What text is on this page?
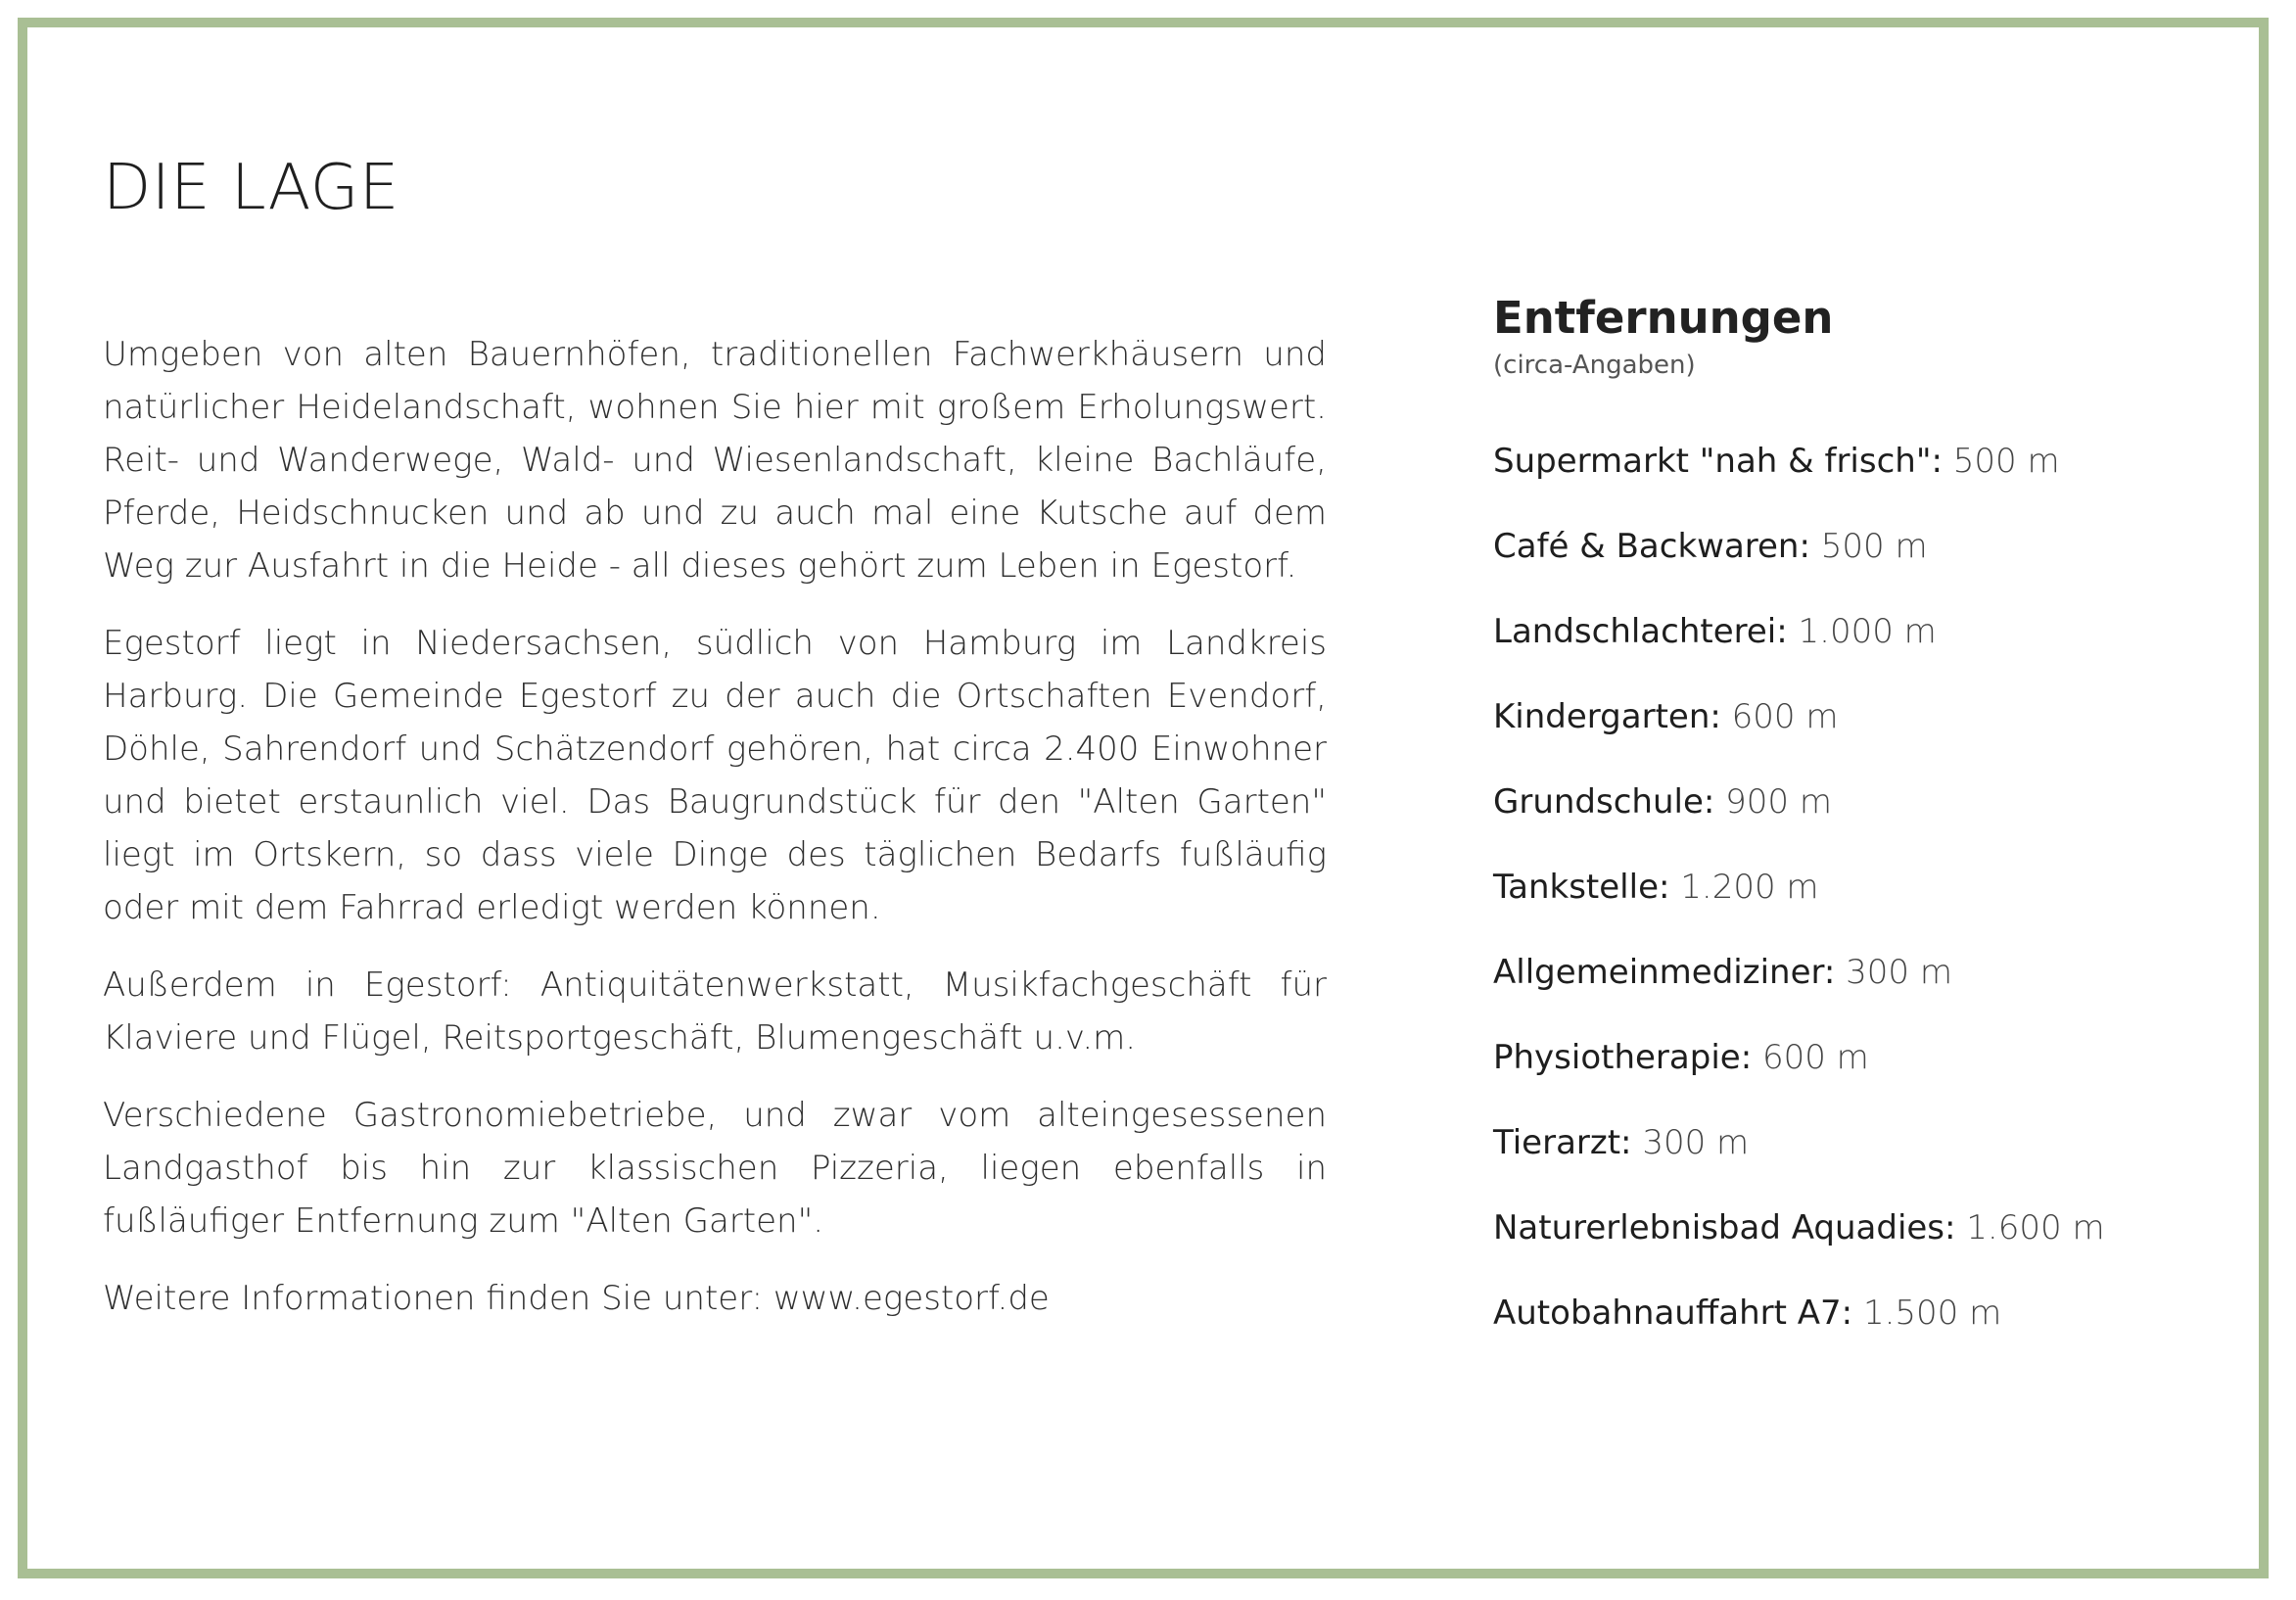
DIE LAGE

Umgeben von alten Bauernhöfen, traditionellen Fachwerkhäusern und natürlicher Heidelandschaft, wohnen Sie hier mit großem Erholungswert. Reit- und Wanderwege, Wald- und Wiesenlandschaft, kleine Bachläufe, Pferde, Heidschnucken und ab und zu auch mal eine Kutsche auf dem Weg zur Ausfahrt in die Heide - all dieses gehört zum Leben in Egestorf.

Egestorf liegt in Niedersachsen, südlich von Hamburg im Landkreis Harburg. Die Gemeinde Egestorf zu der auch die Ortschaften Evendorf, Döhle, Sahrendorf und Schätzendorf gehören, hat circa 2.400 Einwohner und bietet erstaunlich viel. Das Baugrundstück für den "Alten Garten" liegt im Ortskern, so dass viele Dinge des täglichen Bedarfs fußläufig oder mit dem Fahrrad erledigt werden können.

Außerdem in Egestorf: Antiquitätenwerkstatt, Musikfachgeschäft für Klaviere und Flügel, Reitsportgeschäft, Blumengeschäft u.v.m.

Verschiedene Gastronomiebetriebe, und zwar vom alteingesessenen Landgasthof bis hin zur klassischen Pizzeria, liegen ebenfalls in fußläufiger Entfernung zum "Alten Garten".

Weitere Informationen finden Sie unter: www.egestorf.de

Entfernungen
(circa-Angaben)
Supermarkt "nah & frisch": 500 m
Café & Backwaren: 500 m
Landschlachterei: 1.000 m
Kindergarten: 600 m
Grundschule: 900 m
Tankstelle: 1.200 m
Allgemeinmediziner: 300 m
Physiotherapie: 600 m
Tierarzt: 300 m
Naturerlebnisbad Aquadies: 1.600 m
Autobahnauffahrt A7: 1.500 m
